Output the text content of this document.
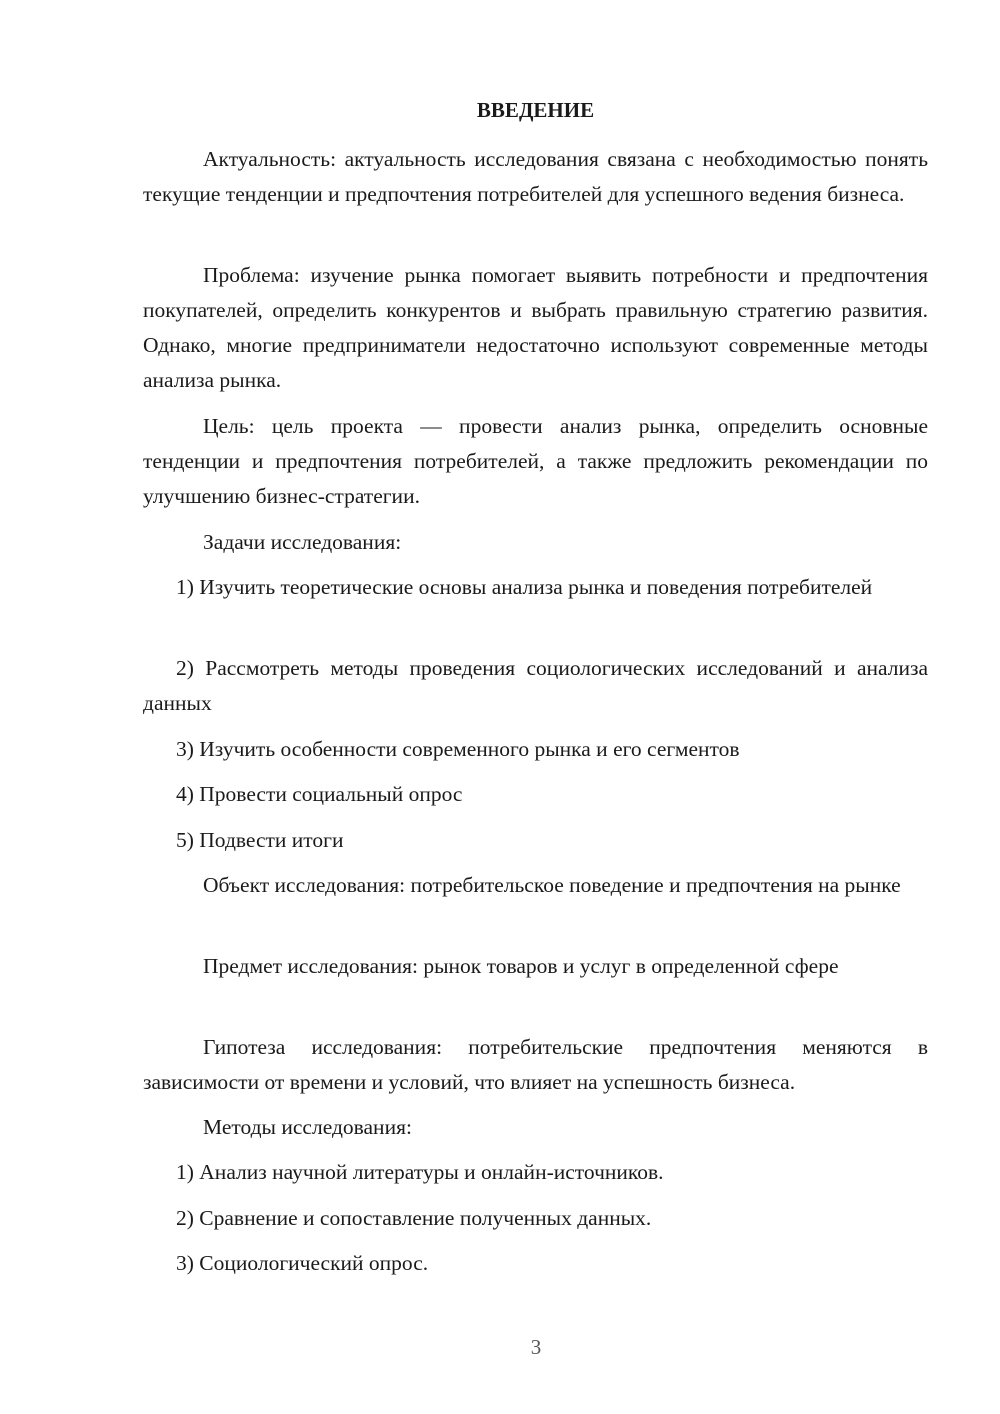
ВВЕДЕНИЕ
Актуальность: актуальность исследования связана с необходимостью понять текущие тенденции и предпочтения потребителей для успешного ведения бизнеса.
Проблема: изучение рынка помогает выявить потребности и предпочтения покупателей, определить конкурентов и выбрать правильную стратегию развития. Однако, многие предприниматели недостаточно используют современные методы анализа рынка.
Цель: цель проекта — провести анализ рынка, определить основные тенденции и предпочтения потребителей, а также предложить рекомендации по улучшению бизнес-стратегии.
Задачи исследования:
1) Изучить теоретические основы анализа рынка и поведения потребителей
2) Рассмотреть методы проведения социологических исследований и анализа данных
3) Изучить особенности современного рынка и его сегментов
4) Провести социальный опрос
5) Подвести итоги
Объект исследования: потребительское поведение и предпочтения на рынке
Предмет исследования: рынок товаров и услуг в определенной сфере
Гипотеза исследования: потребительские предпочтения меняются в зависимости от времени и условий, что влияет на успешность бизнеса.
Методы исследования:
1) Анализ научной литературы и онлайн-источников.
2) Сравнение и сопоставление полученных данных.
3) Социологический опрос.
3
